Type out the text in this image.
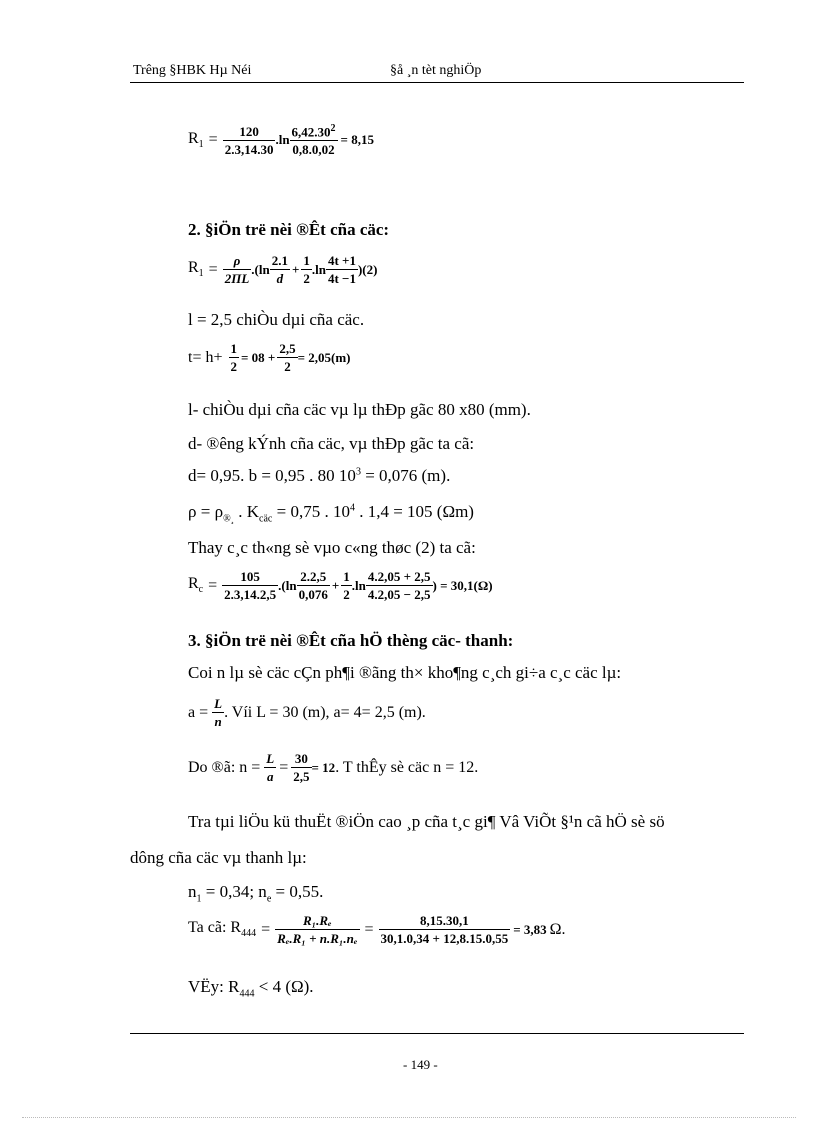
Trêng §HBK Hµ Néi	§å ¸n tèt nghiÖp
$R_1 = \frac{120}{2.3,14.30} .\ln \frac{6,42.30^2}{0,8.0,02} = 8,15$
2. §iÖn trë nèi ®Êt cña cäc:
$R_1 = \frac{\rho}{2\Pi L} .(\ln \frac{2.1}{d} + \frac{1}{2} .\ln \frac{4t +1}{4t -1} )(2)$
l = 2,5 chiÒu dµi cña cäc.
$t= h+ \frac{1}{2} = 08 + \frac{2,5}{2} = 2,05(m)$
l- chiÒu dµi cña cäc vµ lµ thÐp gãc 80 x80 (mm).
d- ®êng kÝnh cña cäc, vµ thÐp gãc ta cã:
d= 0,95. b = 0,95 . 80 $10^3 = 0,076$ (m).
$\rho = \rho_{®¸}$ . $K_{cäc} = 0,75$ . $10^4$ . 1,4 = 105 (Ωm)
Thay c¸c th«ng sè vµo c«ng thøc (2) ta cã:
$R_c = \frac{105}{2.3,14.2,5} .(\ln \frac{2.2,5}{0,076} + \frac{1}{2} .\ln \frac{4.2,05 + 2,5}{4.2,05 - 2,5}$ ) = 30,1(Ω)
3. §iÖn trë nèi ®Êt cña hÖ thèng cäc- thanh:
Coi n lµ sè cäc cÇn ph¶i ®ãng th× kho¶ng c¸ch gi÷a c¸c cäc lµ:
$a = \frac{L}{n}$ . Víi L = 30 (m), a= 4= 2,5 (m).
Do ®ã: $n = \frac{L}{a} = \frac{30}{2,5} = 12$ . T thÊy sè cäc n = 12.
Tra tµi liÖu kü thuËt ®iÖn cao ¸p cña t¸c gi¶ Vâ ViÕt §¹n cã hÖ sè sö
dông cña cäc vµ thanh lµ:
$n_1 = 0,34$; $n_e = 0,55$.
Ta cã: $R_{444} = \frac{\text{R₁.Rₑ}}{\text{Rₑ.R₁ + n.R₁.nₑ}} = \frac{8,15.30,1}{30,1.0,34 + 12,8.15.0,55} = 3,83$ Ω.
VËy: $R_{444} < 4$ (Ω).
- 149 -
